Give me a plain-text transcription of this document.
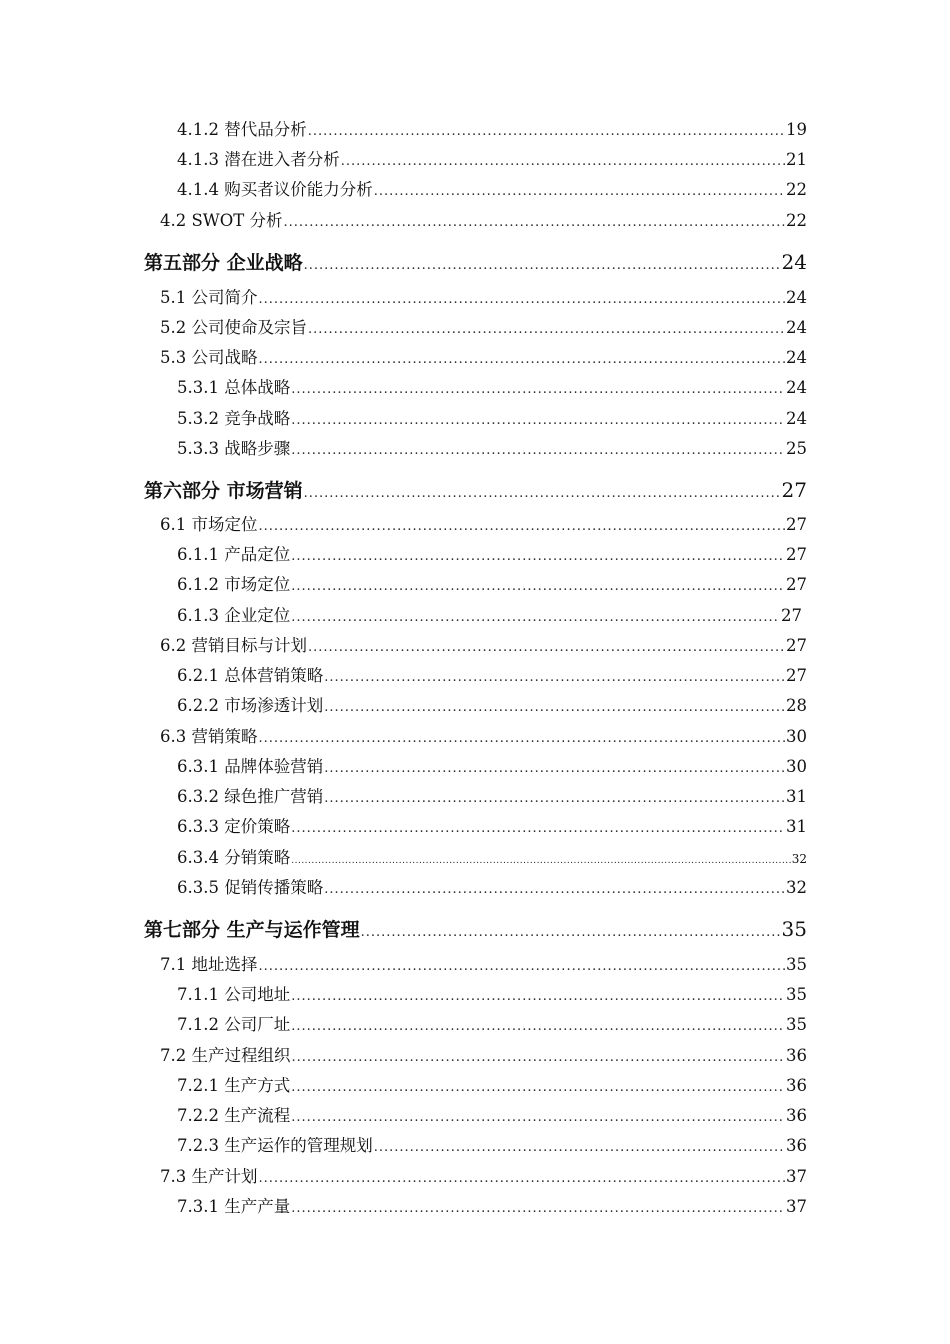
4.1.2 替代品分析 .....	19
4.1.3 潜在进入者分析 .....	21
4.1.4 购买者议价能力分析 .....	22
4.2 SWOT 分析 .....	22
第五部分 企业战略 .....	24
5.1 公司简介 .....	24
5.2 公司使命及宗旨 .....	24
5.3 公司战略 .....	24
5.3.1 总体战略 .....	24
5.3.2 竞争战略 .....	24
5.3.3 战略步骤 .....	25
第六部分 市场营销 .....	27
6.1 市场定位 .....	27
6.1.1 产品定位 .....	27
6.1.2 市场定位 .....	27
6.1.3 企业定位 .....	27
6.2 营销目标与计划 .....	27
6.2.1 总体营销策略 .....	27
6.2.2 市场渗透计划 .....	28
6.3 营销策略 .....	30
6.3.1 品牌体验营销 .....	30
6.3.2 绿色推广营销 .....	31
6.3.3 定价策略 .....	31
6.3.4 分销策略 .....	32
6.3.5 促销传播策略 .....	32
第七部分 生产与运作管理 .....	35
7.1 地址选择 .....	35
7.1.1 公司地址 .....	35
7.1.2 公司厂址 .....	35
7.2 生产过程组织 .....	36
7.2.1 生产方式 .....	36
7.2.2 生产流程 .....	36
7.2.3 生产运作的管理规划 .....	36
7.3 生产计划 .....	37
7.3.1 生产产量 .....	37
